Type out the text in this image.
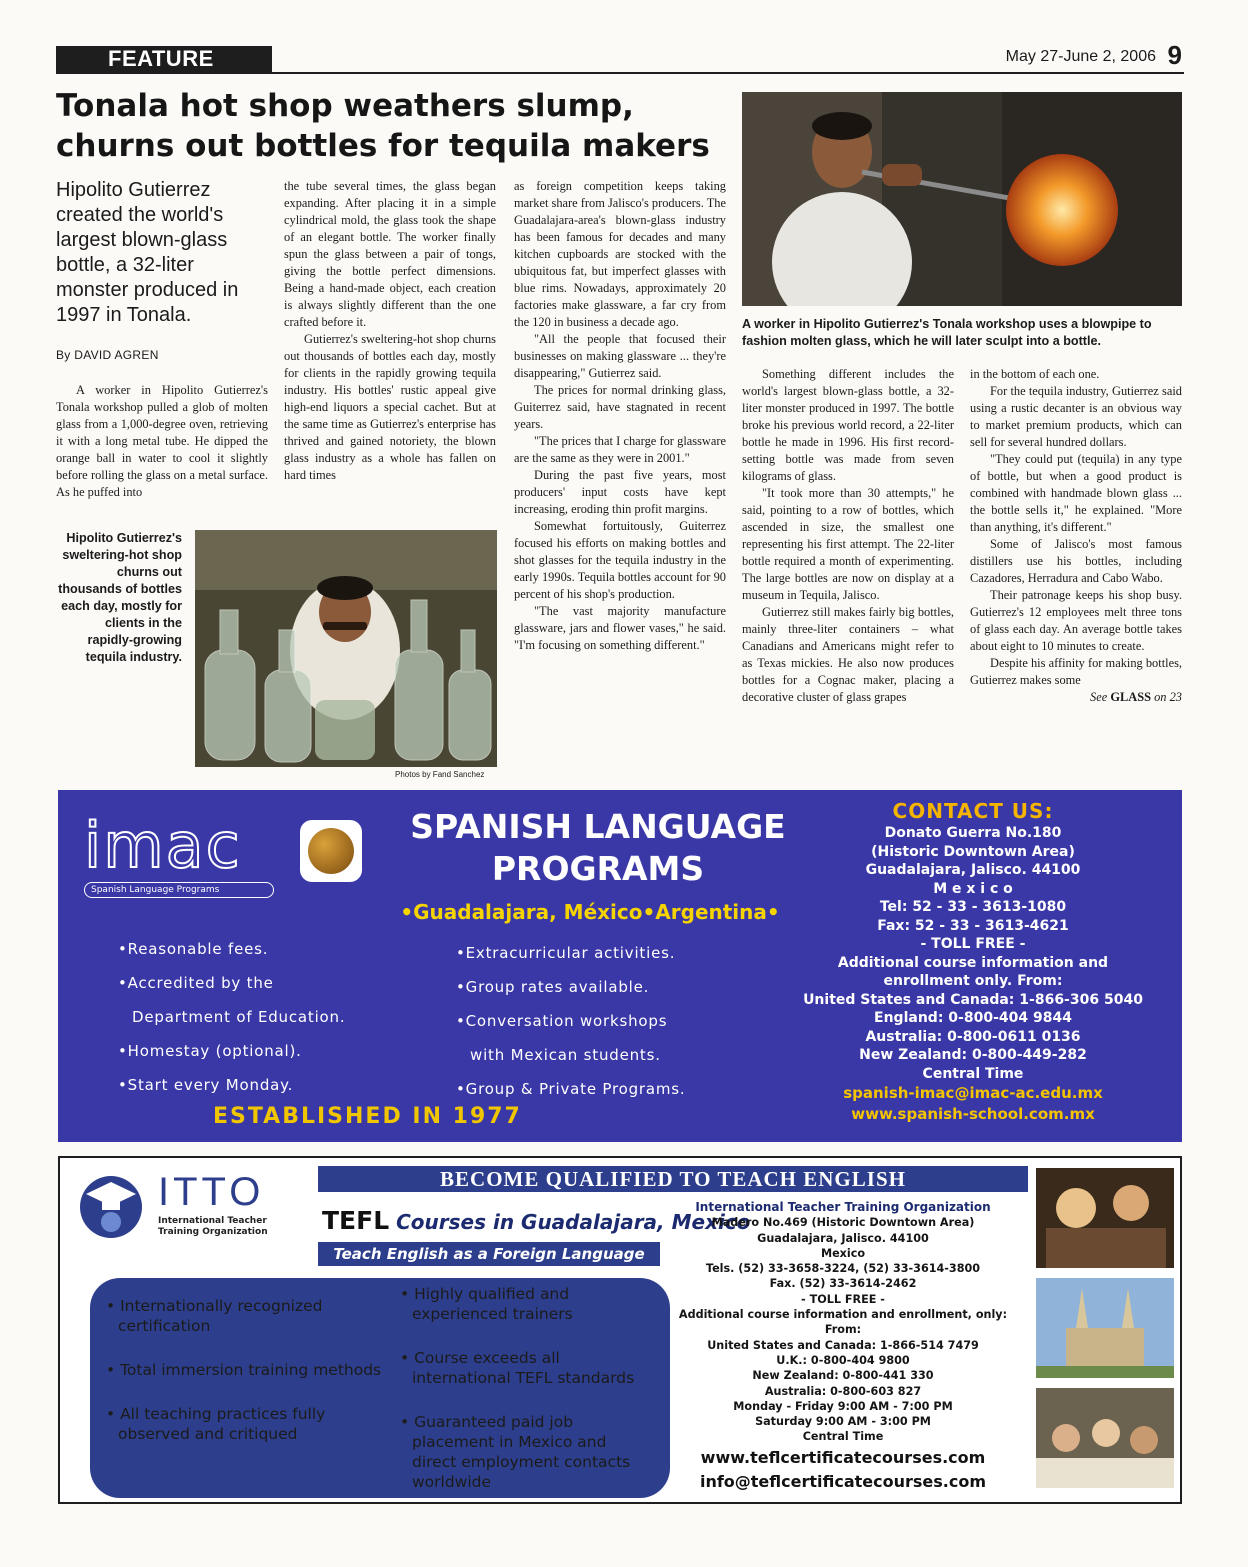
FEATURE	May 27-June 2, 2006 9
Tonala hot shop weathers slump, churns out bottles for tequila makers
Hipolito Gutierrez created the world's largest blown-glass bottle, a 32-liter monster produced in 1997 in Tonala.
By DAVID AGREN

A worker in Hipolito Gutierrez's Tonala workshop pulled a glob of molten glass from a 1,000-degree oven, retrieving it with a long metal tube. He dipped the orange ball in water to cool it slightly before rolling the glass on a metal surface. As he puffed into

the tube several times, the glass began expanding. After placing it in a simple cylindrical mold, the glass took the shape of an elegant bottle. The worker finally spun the glass between a pair of tongs, giving the bottle perfect dimensions. Being a hand-made object, each creation is always slightly different than the one crafted before it.

Gutierrez's sweltering-hot shop churns out thousands of bottles each day, mostly for clients in the rapidly growing tequila industry. His bottles' rustic appeal give high-end liquors a special cachet. But at the same time as Gutierrez's enterprise has thrived and gained notoriety, the blown glass industry as a whole has fallen on hard times

as foreign competition keeps taking market share from Jalisco's producers. The Guadalajara-area's blown-glass industry has been famous for decades and many kitchen cupboards are stocked with the ubiquitous fat, but imperfect glasses with blue rims. Nowadays, approximately 20 factories make glassware, a far cry from the 120 in business a decade ago.

"All the people that focused their businesses on making glassware ... they're disappearing," Gutierrez said.

The prices for normal drinking glass, Guiterrez said, have stagnated in recent years.

"The prices that I charge for glassware are the same as they were in 2001."

During the past five years, most producers' input costs have kept increasing, eroding thin profit margins.

Somewhat fortuitously, Guiterrez focused his efforts on making bottles and shot glasses for the tequila industry in the early 1990s. Tequila bottles account for 90 percent of his shop's production.

"The vast majority manufacture glassware, jars and flower vases," he said. "I'm focusing on something different."

Something different includes the world's largest blown-glass bottle, a 32-liter monster produced in 1997. The bottle broke his previous world record, a 22-liter bottle he made in 1996. His first record-setting bottle was made from seven kilograms of glass.

"It took more than 30 attempts," he said, pointing to a row of bottles, which ascended in size, the smallest one representing his first attempt. The 22-liter bottle required a month of experimenting. The large bottles are now on display at a museum in Tequila, Jalisco.

Gutierrez still makes fairly big bottles, mainly three-liter containers – what Canadians and Americans might refer to as Texas mickies. He also now produces bottles for a Cognac maker, placing a decorative cluster of glass grapes

in the bottom of each one.

For the tequila industry, Gutierrez said using a rustic decanter is an obvious way to market premium products, which can sell for several hundred dollars.

"They could put (tequila) in any type of bottle, but when a good product is combined with handmade blown glass ... the bottle sells it," he explained. "More than anything, it's different."

Some of Jalisco's most famous distillers use his bottles, including Cazadores, Herradura and Cabo Wabo.

Their patronage keeps his shop busy. Gutierrez's 12 employees melt three tons of glass each day. An average bottle takes about eight to 10 minutes to create.

Despite his affinity for making bottles, Gutierrez makes some

See GLASS on 23
A worker in Hipolito Gutierrez's Tonala workshop uses a blowpipe to fashion molten glass, which he will later sculpt into a bottle.
Hipolito Gutierrez's sweltering-hot shop churns out thousands of bottles each day, mostly for clients in the rapidly-growing tequila industry.
Photos by Fand Sanchez
imac
Spanish Language Programs
SPANISH LANGUAGE
PROGRAMS
•Guadalajara, México•Argentina•
•Reasonable fees.
•Accredited by the
Department of Education.
•Homestay (optional).
•Start every Monday.
•Extracurricular activities.
•Group rates available.
•Conversation workshops
with Mexican students.
•Group & Private Programs.
ESTABLISHED IN 1977
CONTACT US:
Donato Guerra No.180
(Historic Downtown Area)
Guadalajara, Jalisco. 44100
M e x i c o
Tel: 52 - 33 - 3613-1080
Fax: 52 - 33 - 3613-4621
- TOLL FREE -
Additional course information and
enrollment only. From:
United States and Canada: 1-866-306 5040
England: 0-800-404 9844
Australia: 0-800-0611 0136
New Zealand: 0-800-449-282
Central Time
spanish-imac@imac-ac.edu.mx
www.spanish-school.com.mx
ITTO
International Teacher
Training Organization
BECOME QUALIFIED TO TEACH ENGLISH
TEFL Courses in Guadalajara, Mexico
Teach English as a Foreign Language
• Internationally recognized certification
• Total immersion training methods
• All teaching practices fully observed and critiqued
• Highly qualified and experienced trainers
• Course exceeds all international TEFL standards
• Guaranteed paid job placement in Mexico and direct employment contacts worldwide
International Teacher Training Organization
Madero No.469 (Historic Downtown Area)
Guadalajara, Jalisco. 44100
Mexico
Tels. (52) 33-3658-3224, (52) 33-3614-3800
Fax. (52) 33-3614-2462
- TOLL FREE -
Additional course information and enrollment, only:
From:
United States and Canada: 1-866-514 7479
U.K.: 0-800-404 9800
New Zealand: 0-800-441 330
Australia: 0-800-603 827
Monday - Friday 9:00 AM - 7:00 PM
Saturday 9:00 AM - 3:00 PM
Central Time
www.teflcertificatecourses.com
info@teflcertificatecourses.com
